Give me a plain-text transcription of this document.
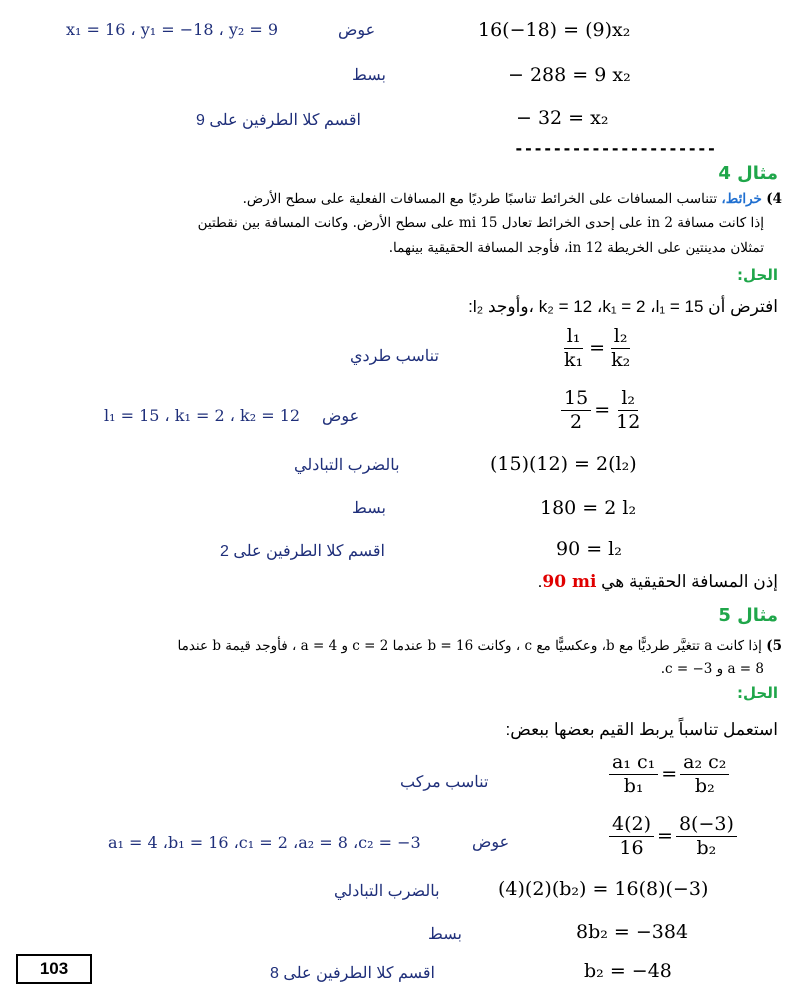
x₁ = 16 ، y₁ = −18 ، y₂ = 9	عوض	16(−18) = (9)x₂
بسط	− 288 = 9 x₂
اقسم كلا الطرفين على 9	− 32 = x₂
---------------------
مثال 4
4) خرائط، تتناسب المسافات على الخرائط تناسبًا طرديًا مع المسافات الفعلية على سطح الأرض.
إذا كانت مسافة 2 in على إحدى الخرائط تعادل 15 mi على سطح الأرض. وكانت المسافة بين نقطتين
تمثلان مدينتين على الخريطة 12 in، فأوجد المسافة الحقيقية بينهما.
الحل:
افترض أن k₂ = 12 ،k₁ = 2 ،l₁ = 15 ،وأوجد l₂:
تناسب طردي	$\frac{\text{l₁}}{\text{k₁}} = \frac{\text{l₂}}{\text{k₂}}$
l₁ = 15 ، k₁ = 2 ، k₂ = 12 عوض	$\frac{15}{2} = \frac{\text{l₂}}{12}$
بالضرب التبادلي	(15)(12) = 2(l₂)
بسط	180 = 2 l₂
اقسم كلا الطرفين على 2	90 = l₂
إذن المسافة الحقيقية هي 90 mi.
مثال 5
5) إذا كانت a تتغيَّر طرديًّا مع b، وعكسيًّا مع c ، وكانت b = 16 عندما c = 2 و a = 4 ، فأوجد قيمة b عندما
a = 8 و c = −3.
الحل:
استعمل تناسباً يربط القيم بعضها ببعض:
تناسب مركب	$\frac{\text{a₁ c₁}}{\text{b₁}} = \frac{\text{a₂ c₂}}{\text{b₂}}$
a₁ = 4 ،b₁ = 16 ،c₁ = 2 ،a₂ = 8 ،c₂ = −3	عوض	$\frac{4(2)}{16} = \frac{8(-3)}{\text{b₂}}$
بالضرب التبادلي	(4)(2)(b₂) = 16(8)(−3)
بسط	8b₂ = −384
103	اقسم كلا الطرفين على 8	b₂ = −48
